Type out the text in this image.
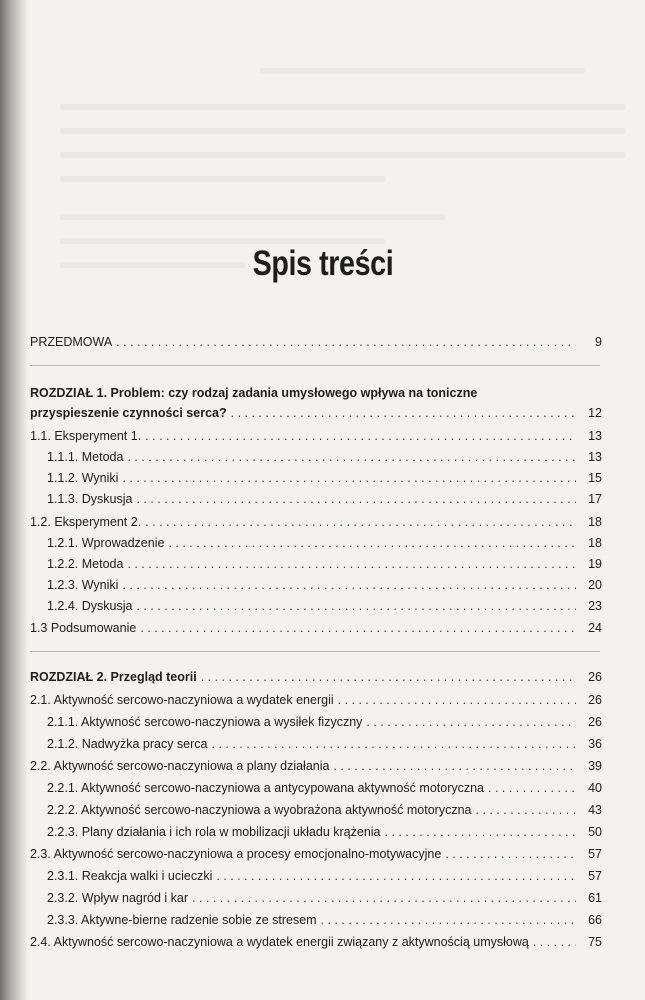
Spis treści
PRZEDMOWA . . .	9
ROZDZIAŁ 1. Problem: czy rodzaj zadania umysłowego wpływa na toniczne
przyspieszenie czynności serca? . . .	12
1.1. Eksperyment 1. . . .	13
1.1.1. Metoda . . .	13
1.1.2. Wyniki . . .	15
1.1.3. Dyskusja . . .	17
1.2. Eksperyment 2. . . .	18
1.2.1. Wprowadzenie . . .	18
1.2.2. Metoda . . .	19
1.2.3. Wyniki . . .	20
1.2.4. Dyskusja . . .	23
1.3 Podsumowanie . . .	24
ROZDZIAŁ 2. Przegląd teorii . . .	26
2.1. Aktywność sercowo-naczyniowa a wydatek energii . . .	26
2.1.1. Aktywność sercowo-naczyniowa a wysiłek fizyczny . . .	26
2.1.2. Nadwyżka pracy serca . . .	36
2.2. Aktywność sercowo-naczyniowa a plany działania . . .	39
2.2.1. Aktywność sercowo-naczyniowa a antycypowana aktywność motoryczna . . .	40
2.2.2. Aktywność sercowo-naczyniowa a wyobrażona aktywność motoryczna . . .	43
2.2.3. Plany działania i ich rola w mobilizacji układu krążenia . . .	50
2.3. Aktywność sercowo-naczyniowa a procesy emocjonalno-motywacyjne . . .	57
2.3.1. Reakcja walki i ucieczki . . .	57
2.3.2. Wpływ nagród i kar . . .	61
2.3.3. Aktywne-bierne radzenie sobie ze stresem . . .	66
2.4. Aktywność sercowo-naczyniowa a wydatek energii związany z aktywnością umysłową . . .	75
